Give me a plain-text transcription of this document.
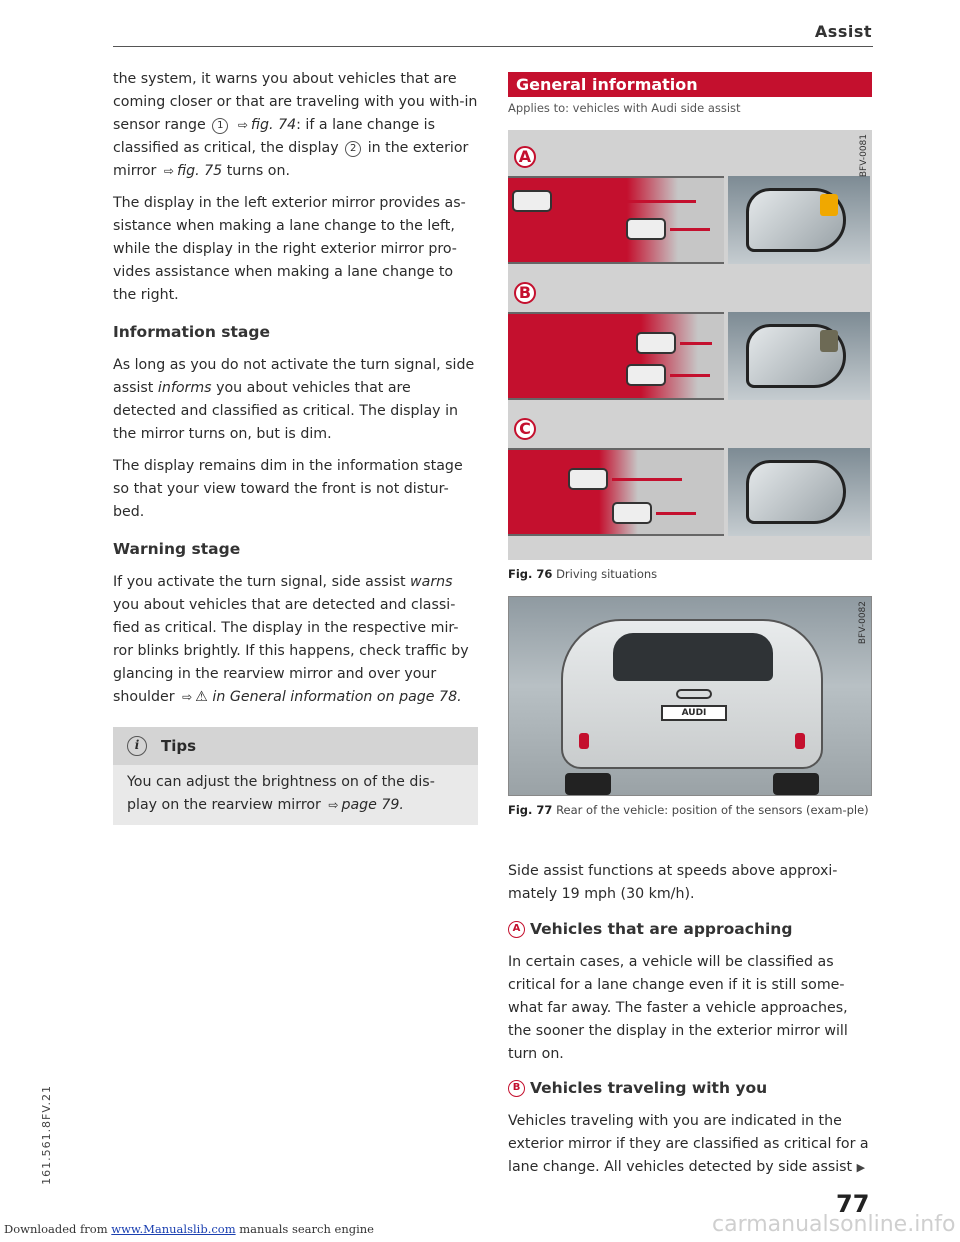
Assist

the system, it warns you about vehicles that are coming closer or that are traveling with you with-in sensor range 1 ⇨ fig. 74: if a lane change is classified as critical, the display 2 in the exterior mirror ⇨ fig. 75 turns on.

The display in the left exterior mirror provides as-sistance when making a lane change to the left, while the display in the right exterior mirror pro-vides assistance when making a lane change to the right.

Information stage

As long as you do not activate the turn signal, side assist informs you about vehicles that are detected and classified as critical. The display in the mirror turns on, but is dim.

The display remains dim in the information stage so that your view toward the front is not distur-bed.

Warning stage

If you activate the turn signal, side assist warns you about vehicles that are detected and classi-fied as critical. The display in the respective mir-ror blinks brightly. If this happens, check traffic by glancing in the rearview mirror and over your shoulder ⇨ ⚠ in General information on page 78.

i	Tips
You can adjust the brightness on of the dis-play on the rearview mirror ⇨ page 79.
General information
Applies to: vehicles with Audi side assist
A
B
C
BFV-0081
Fig. 76 Driving situations
AUDI
BFV-0082
Fig. 77 Rear of the vehicle: position of the sensors (exam-ple)
Side assist functions at speeds above approxi-mately 19 mph (30 km/h).
A Vehicles that are approaching

In certain cases, a vehicle will be classified as critical for a lane change even if it is still some-what far away. The faster a vehicle approaches, the sooner the display in the exterior mirror will turn on.

B Vehicles traveling with you

Vehicles traveling with you are indicated in the exterior mirror if they are classified as critical for a lane change. All vehicles detected by side assist ▶

161.561.8FV.21
carmanualsonline.info
77
Downloaded from www.Manualslib.com manuals search engine
